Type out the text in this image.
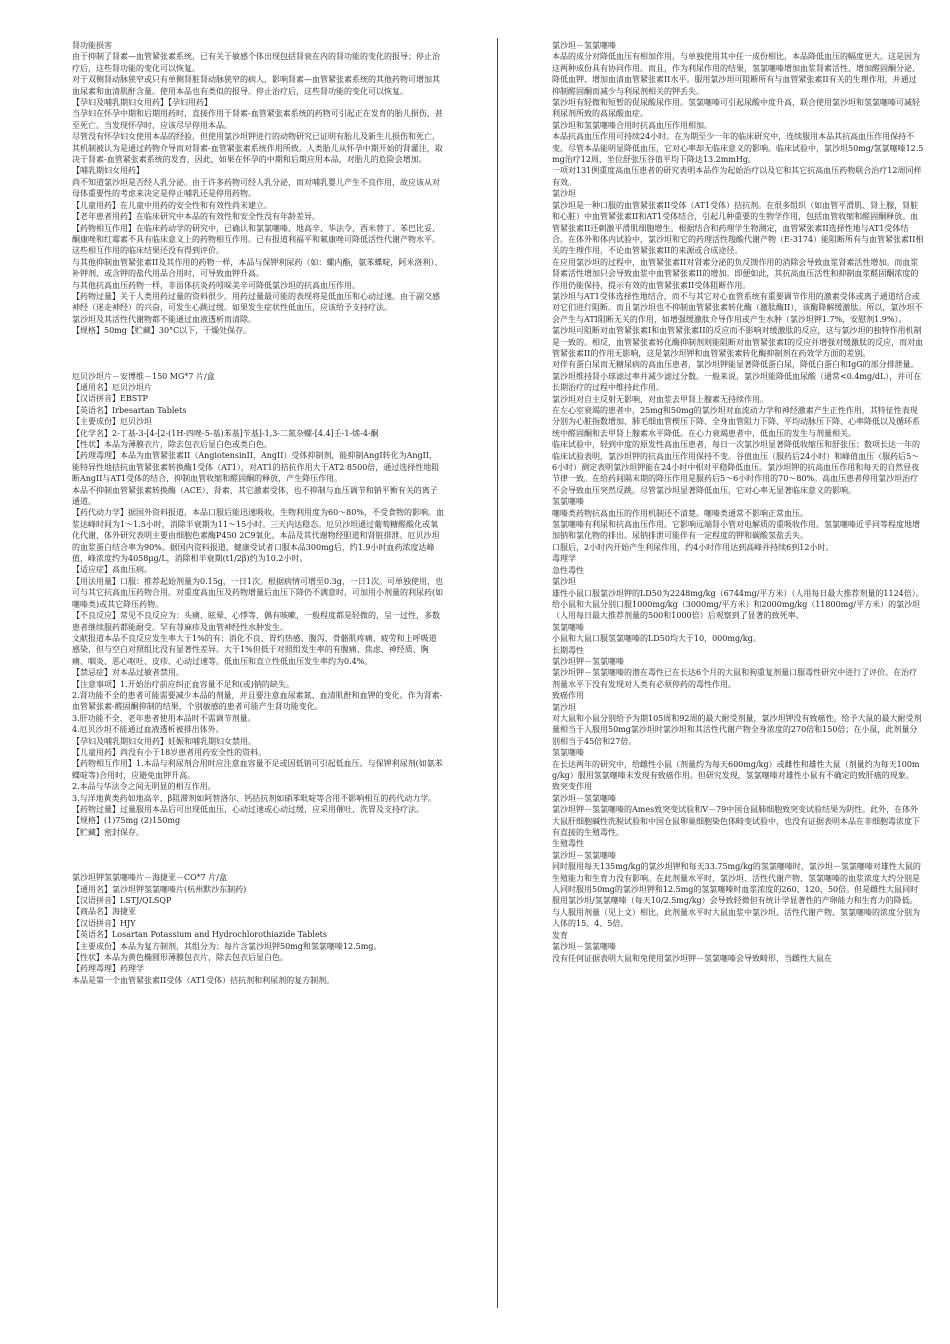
肾功能损害

由于抑制了肾素—血管紧张素系统，已有关于敏感个体出现包括肾衰在内的肾功能的变化的报导；停止治疗后，这些肾功能的变化可以恢复。

对于双侧肾动脉狭窄或只有单侧肾脏肾动脉狭窄的病人，影响肾素—血管紧张素系统的其他药物可增加其血尿素和血清肌酐含量。使用本品也有类似的报导。停止治疗后，这些肾功能的变化可以恢复。

【孕妇及哺乳期妇女用药】【孕妇用药】

当孕妇在怀孕中期和后期用药时，直接作用于肾素-血管紧张素系统的药物可引起正在发育的胎儿损伤，甚至死亡。当发现怀孕时，应该尽早停用本品。

尽管没有怀孕妇女使用本品的经验，但使用氯沙坦钾进行的动物研究已证明有胎儿及新生儿损伤和死亡，其机制被认为是通过药物介导而对肾素-血管紧张素系统作用所致。人类胎儿从怀孕中期开始的肾灌注，取决于肾素-血管紧张素系统的发育，因此，如果在怀孕的中期和后期应用本品，对胎儿的危险会增加。

【哺乳期妇女用药】

尚不知道氯沙坦是否经人乳分泌。由于许多药物可经人乳分泌，而对哺乳婴儿产生不良作用，故应该从对母体重要性的考虑来决定是停止哺乳还是停用药物。

【儿童用药】在儿童中用药的安全性和有效性尚未建立。

【老年患者用药】在临床研究中本品的有效性和安全性没有年龄差异。

【药物相互作用】在临床药动学的研究中，已确认和氯氯噻嗪、地高辛、华法令、西米替丁、苯巴比妥、酮康唑和红霉素不具有临床意义上的药物相互作用。已有报道利福平和氟康唑可降低活性代谢产物水平。这些相互作用的临床结果还没有得到评价。

与其他抑制血管紧张素II及其作用的药物一样，本品与保钾利尿药（如：螺内酯，氨苯蝶啶，阿米洛利）、补钾剂、或含钾的盐代用品合用时，可导致血钾升高。

与其他抗高血压药物一样，非甾体抗炎药吲哚美辛可降低氯沙坦的抗高血压作用。

【药物过量】关于人类用药过量的资料很少。用药过量最可能的表现将是低血压和心动过速。由于副交感神经（迷走神经）的兴奋，可发生心跳过缓。如果发生症状性低血压，应该给予支持疗法。

氯沙坦及其活性代谢物都不能通过血液透析而清除。

【规格】50mg【贮藏】30°C以下，干燥处保存。

厄贝沙坦片－安博维－150 MG*7 片/盒

【通用名】厄贝沙坦片

【汉语拼音】EBSTP

【英语名】Irbesartan Tablets

【主要成份】厄贝沙坦

【化学名】2-丁基-3-[4-[2-(1H-四唑-5-基)苯基]苄基]-1,3-二氮杂螺-[4.4]壬-1-烯-4-酮

【性状】本品为薄膜衣片，除去包衣后显白色或类白色。

【药理毒理】本品为血管紧张素II（AngiotensinII，AngII）受体抑制剂，能抑制AngI转化为AngII，能特异性地拮抗血管紧张素转换酶1受体（AT1），对AT1的拮抗作用大于AT2 8500倍，通过选择性地阻断AngII与AT1受体的结合，抑制血管收缩和醛固酮的释放，产生降压作用。

本品不抑制血管紧张素转换酶（ACE）、肾素、其它激素受体，也不抑制与血压调节和钠平衡有关的离子通道。

【药代动力学】据国外资料报道，本品口服后能迅速吸收，生物利用度为60～80%，不受食物的影响。血浆达峰时间为1～1.5小时，消除半衰期为11～15小时。三天内达稳态。厄贝沙坦通过葡萄糖醛酸化或氧化代谢，体外研究表明主要由细胞色素酶P450 2C9氧化。本品及其代谢物经胆道和肾脏排泄。厄贝沙坦的血浆蛋白结合率为90%。据国内资料报道，健康受试者口服本品300mg后，约1.9小时血药浓度达峰值，峰浓度约为4058μg/L，消除相半衰期(t1/2β)约为10.2小时。

【适应症】高血压病。

【用法用量】口服：推荐起始剂量为0.15g，一日1次。根据病情可增至0.3g，一日1次。可单独使用，也可与其它抗高血压药物合用。对重度高血压及药物增量后血压下降仍不满意时，可加用小剂量的利尿药(如噻嗪类)或其它降压药物。

【不良反应】常见不良反应为：头痛、眩晕、心悸等，偶有咳嗽，一般程度都是轻微的，呈一过性，多数患者继续服药都能耐受。罕有荨麻疹及血管神经性水肿发生。

文献报道本品不良反应发生率大于1%的有：消化不良、胃灼热感、腹泻、骨骼肌疼痛、疲劳和上呼吸道感染，但与空白对照组比没有显著性差异。大于1%但低于对照组发生率的有腹痛、焦虑、神经质、胸痛、咽炎、恶心呕吐、皮疹、心动过速等。低血压和直立性低血压发生率约为0.4%。

【禁忌症】对本品过敏者禁用。

【注意事项】1.开始治疗前应纠正血容量不足和(或)钠的缺失。

2.肾功能不全的患者可能需要减少本品的剂量，并且要注意血尿素氮、血清肌酐和血钾的变化。作为肾素-血管紧张素-醛固酮抑制的结果，个别敏感的患者可能产生肾功能变化。

3.肝功能不全、老年患者使用本品时不需调节剂量。

4.厄贝沙坦不能通过血液透析被排出体外。

【孕妇及哺乳期妇女用药】妊娠和哺乳期妇女禁用。

【儿童用药】尚没有小于18岁患者用药安全性的资料。

【药物相互作用】1.本品与利尿剂合用时应注意血容量不足或因低钠可引起低血压。与保钾利尿剂(如氨苯蝶啶等)合用时，应避免血钾升高。

2.本品与华法令之间无明显的相互作用。

3.与洋地黄类药如地高辛、β阻滞剂如阿替洛尔、钙拮抗剂如硝苯吡啶等合用不影响相互的药代动力学。

【药物过量】过量服用本品后可出现低血压，心动过速或心动过缓，应采用催吐、洗胃及支持疗法。

【规格】(1)75mg (2)150mg

【贮藏】密封保存。

氯沙坦钾氢氯噻嗪片－海捷亚－CO*7 片/盒

【通用名】氯沙坦钾氢氯噻嗪片(杭州默沙东制药)

【汉语拼音】LSTJ/QLSQP

【商品名】海捷亚

【汉语拼音】HJY

【英语名】Losartan Potassium and Hydrochlorothiazide Tablets

【主要成份】本品为复方制剂，其组分为：每片含氯沙坦钾50mg和氢氯噻嗪12.5mg。

【性状】本品为黄色椭圆形薄膜包衣片，除去包衣后显白色。

【药理毒理】药理学

本品是第一个血管紧张素II受体（AT1受体）拮抗剂和利尿剂的复方制剂。

氯沙坦－氢氯噻嗪

本品的成分对降低血压有相加作用，与单独使用其中任一成份相比，本品降低血压的幅度更大。这是因为这两种成份具有协同作用。而且，作为利尿作用的结果，氢氯噻嗪增加血浆肾素活性、增加醛固酮分泌、降低血钾、增加血清血管紧张素II水平。服用氯沙坦可阻断所有与血管紧张素II有关的生理作用，并通过抑制醛固酮而减少与利尿剂相关的钾丢失。

氯沙坦有轻微和短暂的促尿酸尿作用。氢氯噻嗪可引起尿酸中度升高，联合使用氯沙坦和氢氯噻嗪可减轻利尿剂所致的高尿酸血症。

氯沙坦和氢氯噻嗪合用时抗高血压作用相加。

本品抗高血压作用可持续24小时。在为期至少一年的临床研究中，连续服用本品其抗高血压作用保持不变。尽管本品能明显降低血压，它对心率却无临床意义的影响。临床试验中，氯沙坦50mg/氢氯噻嗪12.5mg治疗12周，坐位舒张压谷值平均下降达13.2mmHg。

一项对131例重度高血压患者的研究表明本品作为起始治疗以及它和其它抗高血压药物联合治疗12周同样有效。

氯沙坦

氯沙坦是一种口服的血管紧张素II受体（AT1受体）拮抗剂。在很多组织（如血管平滑肌、肾上腺，肾脏和心脏）中血管紧张素II和AT1受体结合，引起几种重要的生物学作用，包括血管收缩和醛固酮释放。血管紧张素II还刺激平滑肌细胞增生。根据结合和药理学生物测定，血管紧张素II选择性地与AT1受体结合。在体外和体内试验中，氯沙坦和它的药理活性羧酸代谢产物（E-3174）能阻断所有与血管紧张素II相关的生理作用，不论血管紧张素II的来源或合成途径。

在应用氯沙坦的过程中，血管紧张素II对肾素分泌的负反馈作用的消除会导致血浆肾素活性增加。而血浆肾素活性增加只会导致血浆中血管紧张素II的增加。即便如此，其抗高血压活性和抑制血浆醛固酮浓度的作用仍能保持，提示有效的血管紧张素II受体阻断作用。

氯沙坦与AT1受体选择性地结合，而不与其它对心血管系统有重要调节作用的激素受体或离子通道结合或对它们进行阻断。而且氯沙坦也不抑制血管紧张素转化酶（激肽酶II），该酶降解缓激肽。所以，氯沙坦不会产生与ATI阻断无关的作用，如增强缓激肽介导作用或产生水肿（氯沙坦钾1.7%，安慰剂1.9%）。

氯沙坦可阻断对血管紧张素I和血管紧张素II的反应而不影响对缓激肽的反应，这与氯沙坦的独特作用机制是一致的。相反，血管紧张素转化酶抑制剂则能阻断对血管紧张素I的反应并增强对缓激肽的反应，而对血管紧张素II的作用无影响，这是氯沙坦钾和血管紧张素转化酶抑制剂在药效学方面的差别。

对伴有蛋白尿而无糖尿病的高血压患者，氯沙坦钾能显著降低蛋白尿，降低白蛋白和IgG的部分排泄量。氯沙坦维持肾小球滤过率并减少滤过分数。一般来说，氯沙坦能降低血尿酸（通常<0.4mg/dL），并可在长期治疗的过程中维持此作用。

氯沙坦对自主反射无影响，对血浆去甲肾上腺素无持续作用。

在左心室衰竭的患者中，25mg和50mg的氯沙坦对血流动力学和神经激素产生正性作用，其特征性表现分别为心脏指数增加、肺毛细血管楔压下降、全身血管阻力下降、平均动脉压下降、心率降低以及循环系统中醛固酮和去甲肾上腺素水平降低。在心力衰竭患者中，低血压的发生与剂量相关。

临床试验中，轻到中度的原发性高血压患者，每日一次氯沙坦显著降低收缩压和舒张压；数项长达一年的临床试验表明，氯沙坦钾的抗高血压作用保持不变。谷值血压（服药后24小时）和峰值血压（服药后5～6小时）测定表明氯沙坦钾能在24小时中相对平稳降低血压。氯沙坦钾的抗高血压作用和每天的自然昼夜节律一致。在给药间隔末期的降压作用是服药后5～6小时作用的70～80%。高血压患者停用氯沙坦治疗不会导致血压突然反跳。尽管氯沙坦显著降低血压，它对心率无显著临床意义的影响。

氢氯噻嗪

噻嗪类药物抗高血压的作用机制还不清楚。噻嗪类通常不影响正常血压。

氢氯噻嗪有利尿和抗高血压作用。它影响远端肾小管对电解质的重吸收作用。氢氯噻嗪近乎同等程度地增加钠和氯化物的排出。尿钠排泄可能伴有一定程度的钾和碳酸氢盐丢失。

口服后，2小时内开始产生利尿作用，约4小时作用达到高峰并持续6到12小时。

毒理学

急性毒性

氯沙坦

雄性小鼠口服氯沙坦钾的LD50为2248mg/kg（6744mg/平方米）（人用每日最大推荐剂量的1124倍）。给小鼠和大鼠分别口服1000mg/kg（3000mg/平方米）和2000mg/kg（11800mg/平方米）的氯沙坦（人用每日最大推荐剂量的500和1000倍）后观察到了显著的致死率。

氢氯噻嗪

小鼠和大鼠口服氢氯噻嗪的LD50均大于10，000mg/kg。

长期毒性

氯沙坦钾－氢氯噻嗪

氯沙坦钾－氢氯噻嗪的潜在毒性已在长达6个月的大鼠和狗重复剂量口服毒性研究中进行了评价。在治疗剂量水平下没有发现对人类有必须停药的毒性作用。

致癌作用

氯沙坦

对大鼠和小鼠分别给予为期105周和92周的最大耐受剂量，氯沙坦钾没有致癌性。给予大鼠的最大耐受剂量相当于人服用50mg氯沙坦时氯沙坦和其活性代谢产物全身浓度的270倍和150倍；在小鼠，此剂量分别相当于45倍和27倍。

氢氯噻嗪

在长达两年的研究中，给雌性小鼠（剂量约为每天600mg/kg）或雌性和雄性大鼠（剂量约为每天100mg/kg）服用氢氯噻嗪未发现有致癌作用。但研究发现，氢氯噻嗪对雄性小鼠有不确定的致肝癌的现象。

致突变作用

氯沙坦－氢氯噻嗪

氯沙坦钾－氢氯噻嗪的Ames致突变试验和V－79中国仓鼠肺细胞致突变试验结果为阴性。此外，在体外大鼠肝细胞碱性洗脱试验和中国仓鼠卵巢细胞染色体畸变试验中，也没有证据表明本品在非细胞毒浓度下有直接的生殖毒性。

生殖毒性

氯沙坦－氢氯噻嗪

同时服用每天135mg/kg的氯沙坦钾和每天33.75mg/kg的氢氯噻嗪时，氯沙坦－氢氯噻嗪对雄性大鼠的生殖能力和生育力没有影响。在此剂量水平时，氯沙坦、活性代谢产物、氢氯噻嗪的血浆浓度大约分别是人同时服用50mg的氯沙坦钾和12.5mg的氢氯噻嗪时血浆浓度的260、120、50倍。但是雌性大鼠同时服用氯沙坦/氢氯噻嗪（每天10/2.5mg/kg）会导致轻微但有统计学显著性的产卵能力和生育力的降低。与人服用剂量（见上文）相比，此剂量水平时大鼠血浆中氯沙坦、活性代谢产物、氢氯噻嗪的浓度分别为人体的15、4、5倍。

发育

氯沙坦－氢氯噻嗪

没有任何证据表明大鼠和兔使用氯沙坦钾－氢氯噻嗪会导致畸形，当雌性大鼠在
